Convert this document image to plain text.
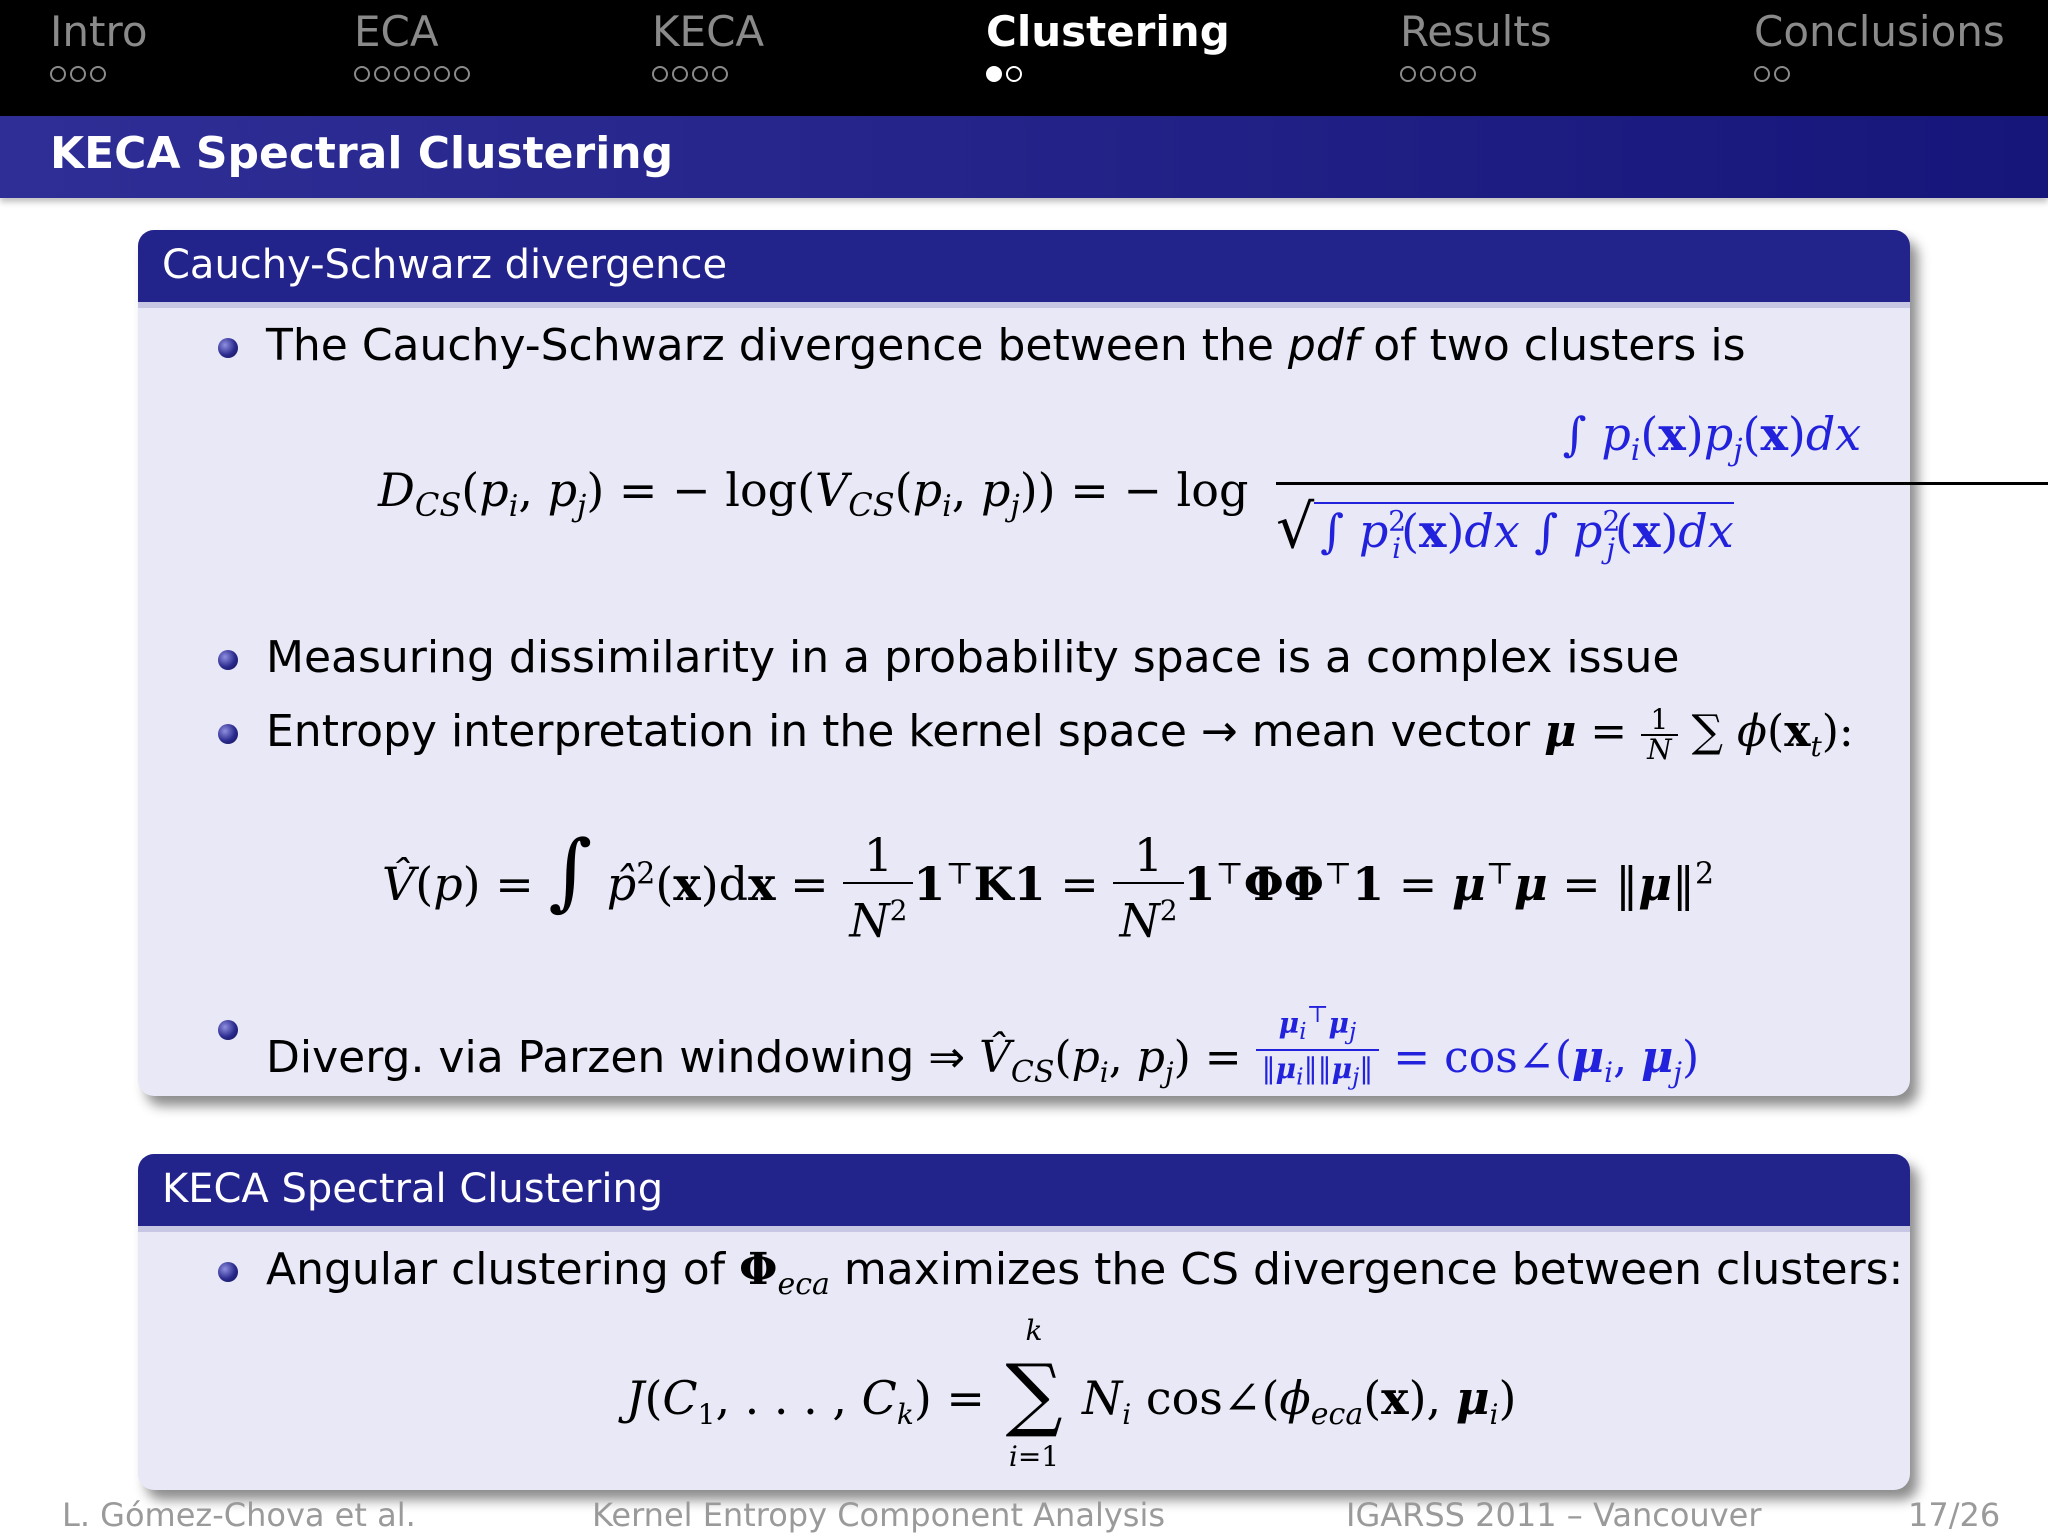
Intro	ECA	KECA	Clustering	Results	Conclusions
KECA Spectral Clustering
Cauchy-Schwarz divergence
The Cauchy-Schwarz divergence between the pdf of two clusters is
$D_{CS}(p_i$, $p_j$) = − $\log(V_{CS}(p_i$, $p_j$)) = − log
∫ $p_i(x)p_j(x)dx$
√ ∫ $p^2_i(x)dx$ ∫ $p^2_j(x)dx$
Measuring dissimilarity in a probability space is a complex issue
Entropy interpretation in the kernel space → mean vector $\mu = \frac{1}{N}$ ∑ $\phi(x_t)$:
V̂(p) = ∫ p̂$^2$(x)dx = $\frac{1}{N^2} 1^⊤K1 = \frac{1}{N^2} 1^⊤\Phi\Phi^⊤1 = \mu^⊤\mu$ = ‖μ‖$^2$
Diverg. via Parzen windowing ⇒ $V̂_{CS}(p_i$, $p_j) = \frac{\mu_i^⊤\mu_j}{‖\mu_i‖‖\mu_j‖}$ = $\cos\angle(\mu_i$, $\mu_j$)
KECA Spectral Clustering
Angular clustering of $\Phi_{eca}$ maximizes the CS divergence between clusters:
$J(C_1$, . . . , $C_k$) =
k
∑
i=1
$N_i$ $\cos\angle(\phi_{eca}(x)$, $\mu_i$)
L. Gómez-Chova et al.	Kernel Entropy Component Analysis	IGARSS 2011 – Vancouver	17/26
